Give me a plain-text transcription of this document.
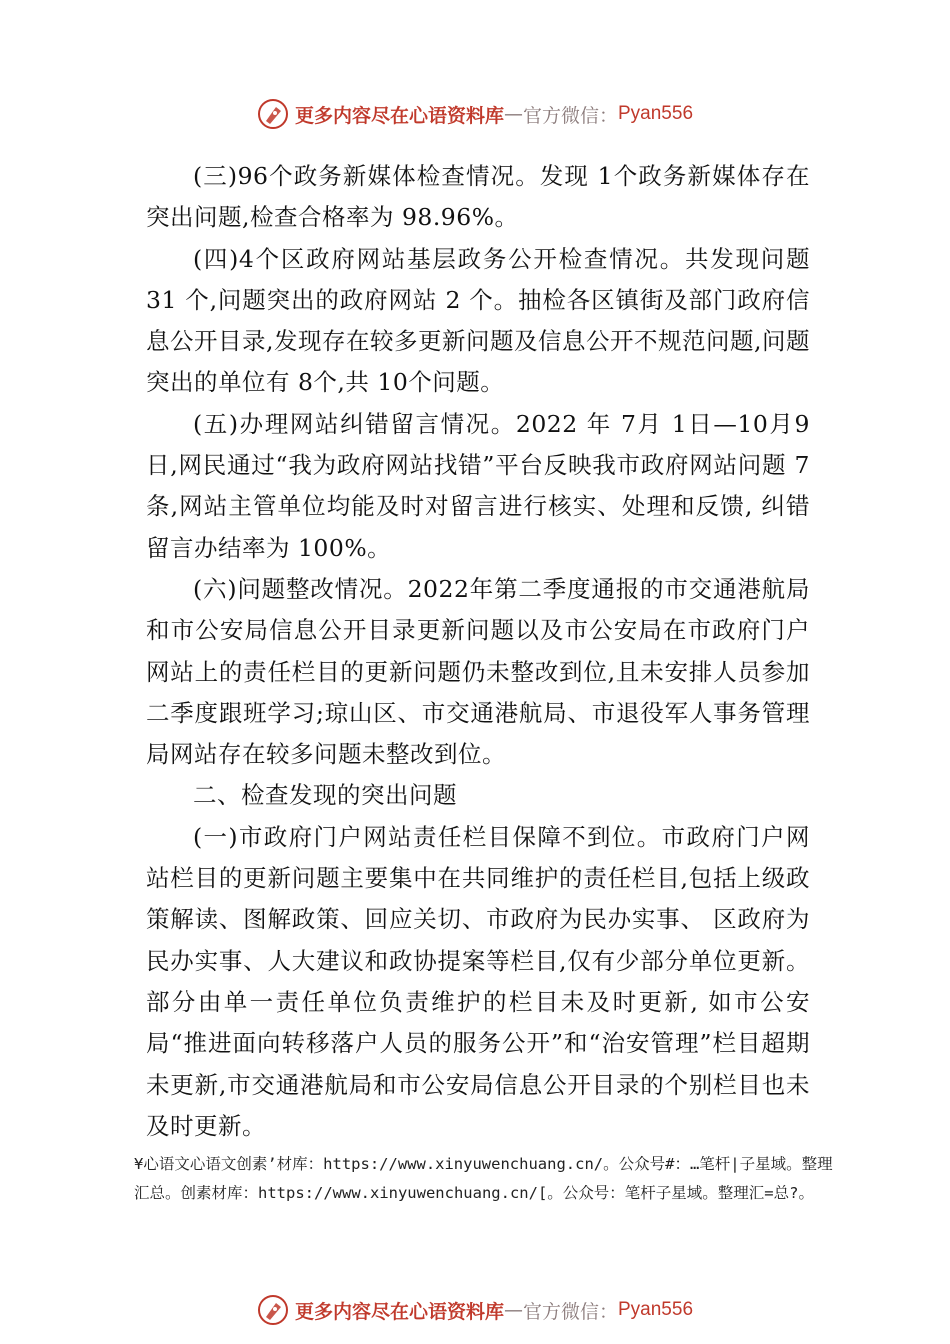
更多内容尽在心语资料库 — 官方微信： Pyan556

(三)96个政务新媒体检查情况。发现 1个政务新媒体存在突出问题,检查合格率为 98.96%。

(四)4个区政府网站基层政务公开检查情况。共发现问题31 个,问题突出的政府网站 2 个。抽检各区镇街及部门政府信息公开目录,发现存在较多更新问题及信息公开不规范问题,问题突出的单位有 8个,共 10个问题。

(五)办理网站纠错留言情况。2022 年 7月 1日—10月9日,网民通过“我为政府网站找错”平台反映我市政府网站问题 7条,网站主管单位均能及时对留言进行核实、处理和反馈, 纠错留言办结率为 100%。

(六)问题整改情况。2022年第二季度通报的市交通港航局和市公安局信息公开目录更新问题以及市公安局在市政府门户网站上的责任栏目的更新问题仍未整改到位,且未安排人员参加二季度跟班学习;琼山区、市交通港航局、市退役军人事务管理局网站存在较多问题未整改到位。

二、检查发现的突出问题

(一)市政府门户网站责任栏目保障不到位。市政府门户网站栏目的更新问题主要集中在共同维护的责任栏目,包括上级政策解读、图解政策、回应关切、市政府为民办实事、 区政府为民办实事、人大建议和政协提案等栏目,仅有少部分单位更新。部分由单一责任单位负责维护的栏目未及时更新, 如市公安局“推进面向转移落户人员的服务公开”和“治安管理”栏目超期未更新,市交通港航局和市公安局信息公开目录的个别栏目也未及时更新。

¥心语文心语文创素’材库：https://www.xinyuwenchuang.cn/。公众号#：…笔杆|子星域。整理汇总。创素材库：https://www.xinyuwenchuang.cn/[。公众号：笔杆子星域。整理汇=总?。
更多内容尽在心语资料库 — 官方微信： Pyan556
